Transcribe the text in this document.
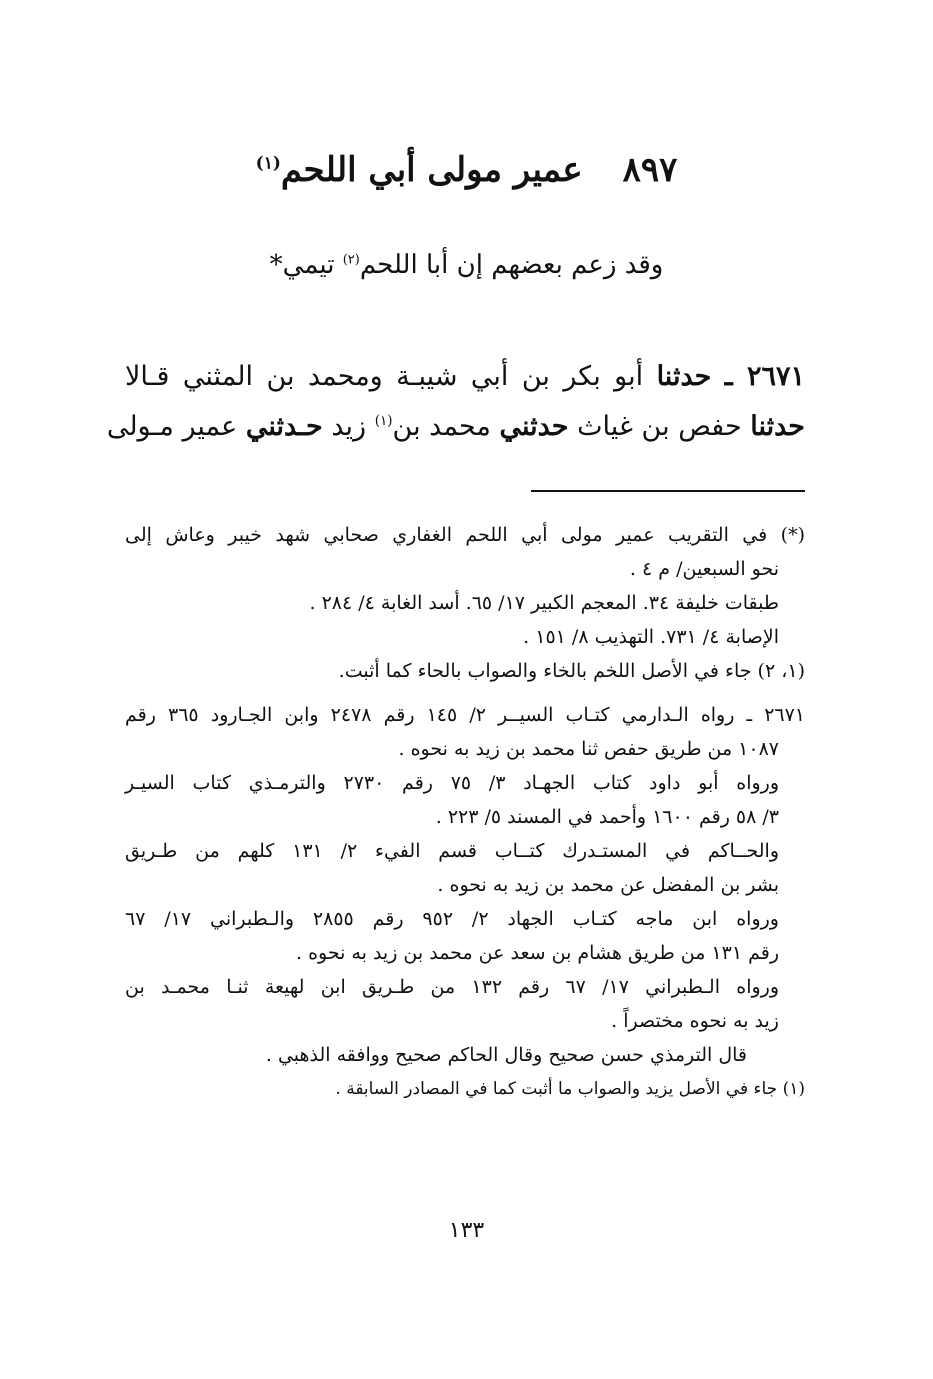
٨٩٧ عمير مولى أبي اللحم$^{(١)}$
وقد زعم بعضهم إن أبا اللحم$^{(٢)}$ تيمي*
٢٦٧١ ـ حدثنا أبو بكر بن أبي شيبـة ومحمد بن المثني قـالا
حدثنا حفص بن غياث حدثني محمد بن$^{(١)}$ زيد حـدثني عمير مـولى
(*) في التقريب عمير مولى أبي اللحم الغفاري صحابي شهد خيبر وعاش إلى
نحو السبعين/ م ٤ .
طبقات خليفة ٣٤. المعجم الكبير ١٧/ ٦٥. أسد الغابة ٤/ ٢٨٤ .
الإصابة ٤/ ٧٣١. التهذيب ٨/ ١٥١ .
(١، ٢) جاء في الأصل اللخم بالخاء والصواب بالحاء كما أثبت.
٢٦٧١ ـ رواه الـدارمي كتـاب السيــر ٢/ ١٤٥ رقم ٢٤٧٨ وابن الجـارود ٣٦٥ رقم
١٠٨٧ من طريق حفص ثنا محمد بن زيد به نحوه .
ورواه أبو داود كتاب الجهـاد ٣/ ٧٥ رقم ٢٧٣٠ والترمـذي كتاب السيـر
٣/ ٥٨ رقم ١٦٠٠ وأحمد في المسند ٥/ ٢٢٣ .
والحــاكم في المستـدرك كتــاب قسم الفيء ٢/ ١٣١ كلهم من طـريق
بشر بن المفضل عن محمد بن زيد به نحوه .
ورواه ابن ماجه كتـاب الجهاد ٢/ ٩٥٢ رقم ٢٨٥٥ والـطبراني ١٧/ ٦٧
رقم ١٣١ من طريق هشام بن سعد عن محمد بن زيد به نحوه .
ورواه الـطبراني ١٧/ ٦٧ رقم ١٣٢ من طـريق ابن لهيعة ثنـا محمـد بن
زيد به نحوه مختصراً .
قال الترمذي حسن صحيح وقال الحاكم صحيح ووافقه الذهبي .
(١) جاء في الأصل يزيد والصواب ما أثبت كما في المصادر السابقة .
١٣٣
